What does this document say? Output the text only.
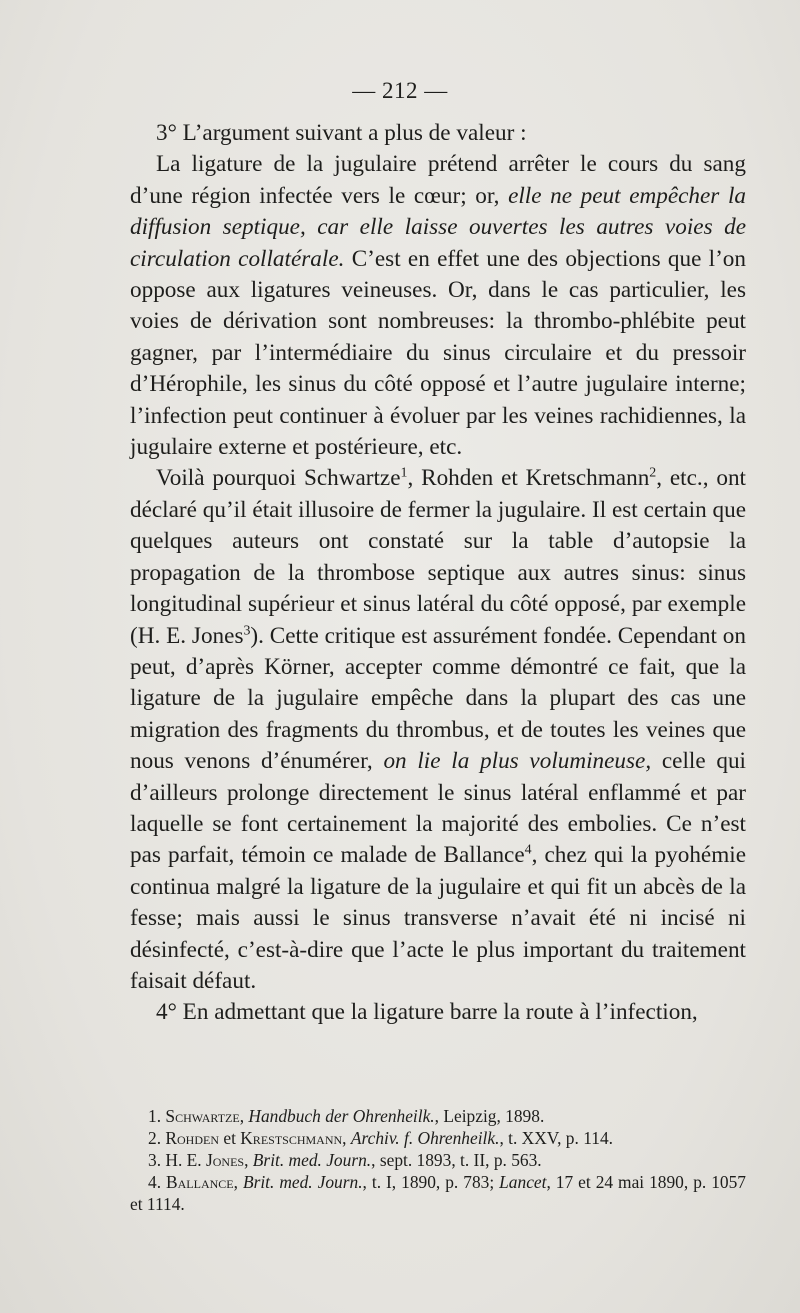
— 212 —

3° L’argument suivant a plus de valeur :

La ligature de la jugulaire prétend arrêter le cours du sang d’une région infectée vers le cœur; or, elle ne peut empêcher la diffusion septique, car elle laisse ouvertes les autres voies de circulation collatérale. C’est en effet une des objections que l’on oppose aux ligatures veineuses. Or, dans le cas particulier, les voies de dérivation sont nombreuses: la thrombo-phlébite peut gagner, par l’intermédiaire du sinus circulaire et du pressoir d’Hérophile, les sinus du côté opposé et l’autre jugulaire interne; l’infection peut continuer à évoluer par les veines rachidiennes, la jugulaire externe et postérieure, etc.

Voilà pourquoi Schwartze$^1$, Rohden et Kretschmann$^2$, etc., ont déclaré qu’il était illusoire de fermer la jugulaire. Il est certain que quelques auteurs ont constaté sur la table d’autopsie la propagation de la thrombose septique aux autres sinus: sinus longitudinal supérieur et sinus latéral du côté opposé, par exemple (H. E. Jones$^3$). Cette critique est assurément fondée. Cependant on peut, d’après Körner, accepter comme démontré ce fait, que la ligature de la jugulaire empêche dans la plupart des cas une migration des fragments du thrombus, et de toutes les veines que nous venons d’énumérer, on lie la plus volumineuse, celle qui d’ailleurs prolonge directement le sinus latéral enflammé et par laquelle se font certainement la majorité des embolies. Ce n’est pas parfait, témoin ce malade de Ballance$^4$, chez qui la pyohémie continua malgré la ligature de la jugulaire et qui fit un abcès de la fesse; mais aussi le sinus transverse n’avait été ni incisé ni désinfecté, c’est-à-dire que l’acte le plus important du traitement faisait défaut.

4° En admettant que la ligature barre la route à l’infection,

1. Schwartze, Handbuch der Ohrenheilk., Leipzig, 1898.

2. Rohden et Krestschmann, Archiv. f. Ohrenheilk., t. XXV, p. 114.

3. H. E. Jones, Brit. med. Journ., sept. 1893, t. II, p. 563.

4. Ballance, Brit. med. Journ., t. I, 1890, p. 783; Lancet, 17 et 24 mai 1890, p. 1057 et 1114.
